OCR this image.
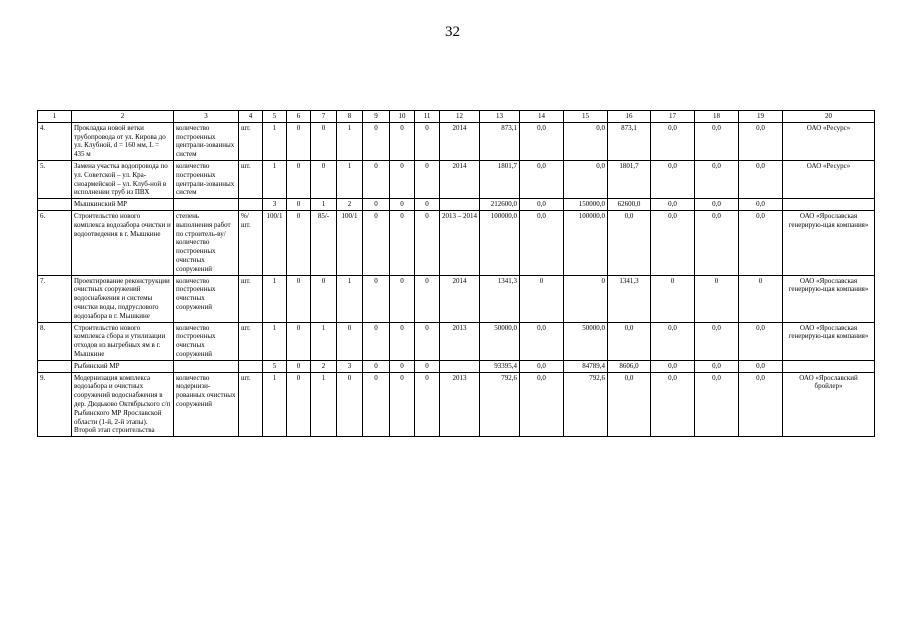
32
1	2	3	4	5	6	7	8	9	10	11	12	13	14	15	16	17	18	19	20
4.	Прокладка новой ветки трубопровода от ул. Кирова до ул. Клубной, d = 160 мм, L = 435 м	количество построенных централи-зованных систем	шт.	1	0	0	1	0	0	0	2014	873,1	0,0	0,0	873,1	0,0	0,0	0,0	ОАО «Ресурс»
5.	Замена участка водопровода по ул. Советской – ул. Кра-сноармейской – ул. Клуб-ной в исполнении труб из ПВХ	количество построенных централи-зованных систем	шт.	1	0	0	1	0	0	0	2014	1801,7	0,0	0,0	1801,7	0,0	0,0	0,0	ОАО «Ресурс»
	Мышкинский МР			3	0	1	2	0	0	0		212600,0	0,0	150000,0	62600,0	0,0	0,0	0,0	
6.	Строительство нового комплекса водозабора очистки и водоотведения в г. Мышкине	степень выполнения работ по строитель-ву/количество построенных очистных сооружений	%/ шт.	100/1	0	85/-	100/1	0	0	0	2013 – 2014	100000,0	0,0	100000,0	0,0	0,0	0,0	0,0	ОАО «Ярославская генерирую-щая компания»
7.	Проектирование реконструкции очистных сооружений водоснабжения и системы очистки воды, подруслового водозабора в г. Мышкине	количество построенных очистных сооружений	шт.	1	0	0	1	0	0	0	2014	1341,3	0	0	1341,3	0	0	0	ОАО «Ярославская генерирую-щая компания»
8.	Строительство нового комплекса сбора и утилизации отходов из выгребных ям в г. Мышкине	количество построенных очистных сооружений	шт.	1	0	1	0	0	0	0	2013	50000,0	0,0	50000,0	0,0	0,0	0,0	0,0	ОАО «Ярославская генерирую-щая компания»
	Рыбинский МР			5	0	2	3	0	0	0		93395,4	0,0	84789,4	8606,0	0,0	0,0	0,0	
9.	Модернизация комплекса водозабора и очистных сооружений водоснабжения в дер. Дюдьково Октябрьского с/п Рыбинского МР Ярославской области (1-й, 2-й этапы). Второй этап строительства	количество модернизи-рованных очистных сооружений	шт.	1	0	1	0	0	0	0	2013	792,6	0,0	792,6	0,0	0,0	0,0	0,0	ОАО «Ярославский бройлер»
